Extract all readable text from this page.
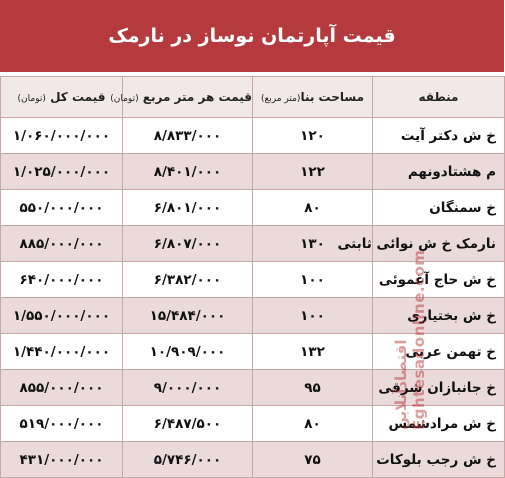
قیمت آپارتمان نوساز در نارمک
منطقه	مساحت بنا(متر مربع)	قیمت هر متر مربع (تومان)	قیمت کل (تومان)
خ ش دکتر آیت	۱۲۰	۸/۸۳۳/۰۰۰	۱/۰۶۰/۰۰۰/۰۰۰
م هشتادونهم	۱۲۲	۸/۴۰۱/۰۰۰	۱/۰۲۵/۰۰۰/۰۰۰
خ سمنگان	۸۰	۶/۸۰۱/۰۰۰	۵۵۰/۰۰۰/۰۰۰
نارمک خ ش نوائی ثابتی	۱۳۰	۶/۸۰۷/۰۰۰	۸۸۵/۰۰۰/۰۰۰
خ ش حاج آغموئی	۱۰۰	۶/۳۸۲/۰۰۰	۶۴۰/۰۰۰/۰۰۰
خ ش بختیاری	۱۰۰	۱۵/۴۸۴/۰۰۰	۱/۵۵۰/۰۰۰/۰۰۰
خ تهمن عربی	۱۳۲	۱۰/۹۰۹/۰۰۰	۱/۴۴۰/۰۰۰/۰۰۰
خ جانبازان شرقی	۹۵	۹/۰۰۰/۰۰۰	۸۵۵/۰۰۰/۰۰۰
خ ش مرادشمس	۸۰	۶/۴۸۷/۵۰۰	۵۱۹/۰۰۰/۰۰۰
خ ش رجب بلوکات	۷۵	۵/۷۴۶/۰۰۰	۴۳۱/۰۰۰/۰۰۰
اقتصادآنلاین Eghtesadonline.com
